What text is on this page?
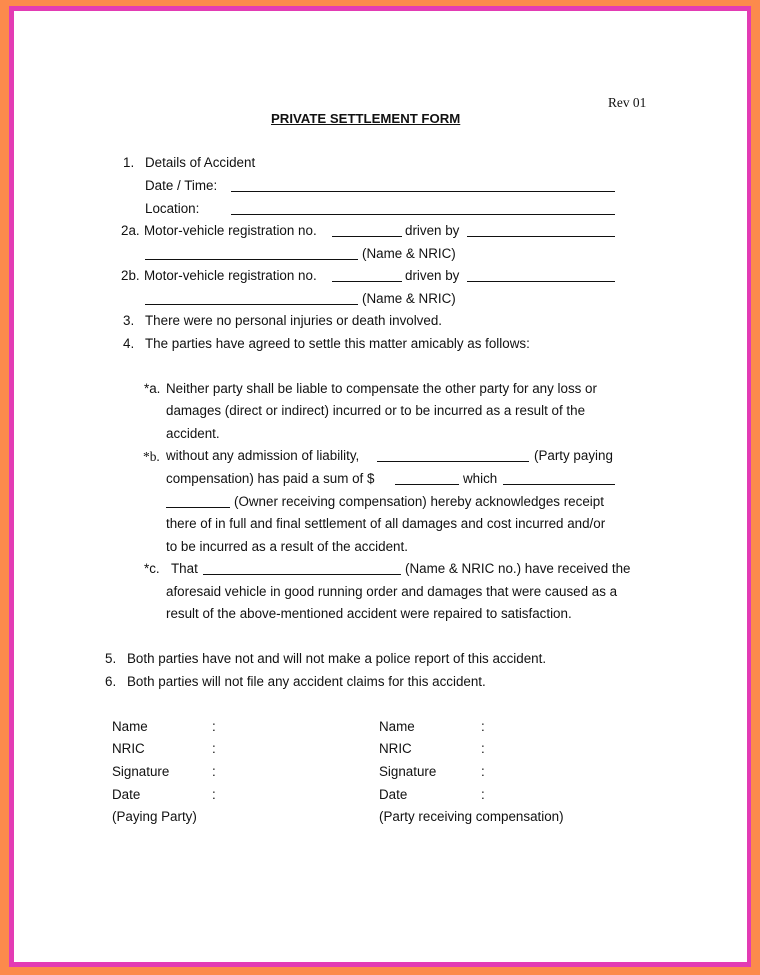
Rev 01
PRIVATE SETTLEMENT FORM
1. Details of Accident
Date / Time:
Location:
2a. Motor-vehicle registration no.	driven by
(Name & NRIC)
2b. Motor-vehicle registration no.	driven by
(Name & NRIC)
3. There were no personal injuries or death involved.
4. The parties have agreed to settle this matter amicably as follows:
*a. Neither party shall be liable to compensate the other party for any loss or
damages (direct or indirect) incurred or to be incurred as a result of the
accident.
*b. without any admission of liability,	(Party paying
compensation) has paid a sum of $	which
(Owner receiving compensation) hereby acknowledges receipt
there of in full and final settlement of all damages and cost incurred and/or
to be incurred as a result of the accident.
*c. That	(Name & NRIC no.) have received the
aforesaid vehicle in good running order and damages that were caused as a
result of the above-mentioned accident were repaired to satisfaction.
5. Both parties have not and will not make a police report of this accident.
6. Both parties will not file any accident claims for this accident.
Name	:
NRIC	:
Signature	:
Date	:
(Paying Party)
Name	:
NRIC	:
Signature	:
Date	:
(Party receiving compensation)
